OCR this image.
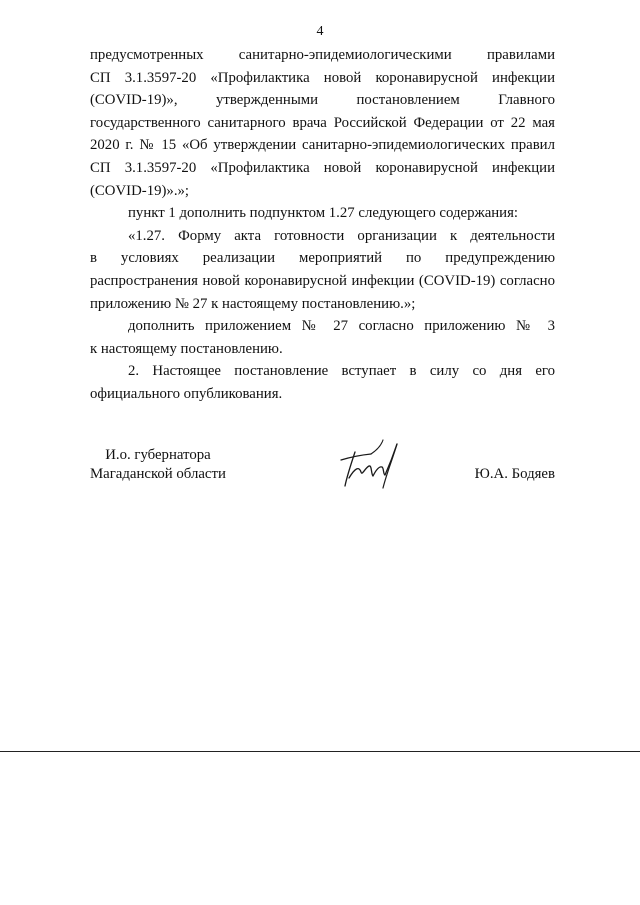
4

предусмотренных санитарно-эпидемиологическими правилами

СП 3.1.3597-20 «Профилактика новой коронавирусной инфекции

(COVID-19)», утвержденными постановлением Главного

государственного санитарного врача Российской Федерации от 22 мая

2020 г. № 15 «Об утверждении санитарно-эпидемиологических правил

СП 3.1.3597-20 «Профилактика новой коронавирусной инфекции

(COVID-19)».»;

пункт 1 дополнить подпунктом 1.27 следующего содержания:

«1.27. Форму акта готовности организации к деятельности

в условиях реализации мероприятий по предупреждению

распространения новой коронавирусной инфекции (COVID-19) согласно

приложению № 27 к настоящему постановлению.»;

дополнить приложением № 27 согласно приложению № 3

к настоящему постановлению.

2. Настоящее постановление вступает в силу со дня его

официального опубликования.

И.о. губернатора
Магаданской области	Ю.А. Бодяев
